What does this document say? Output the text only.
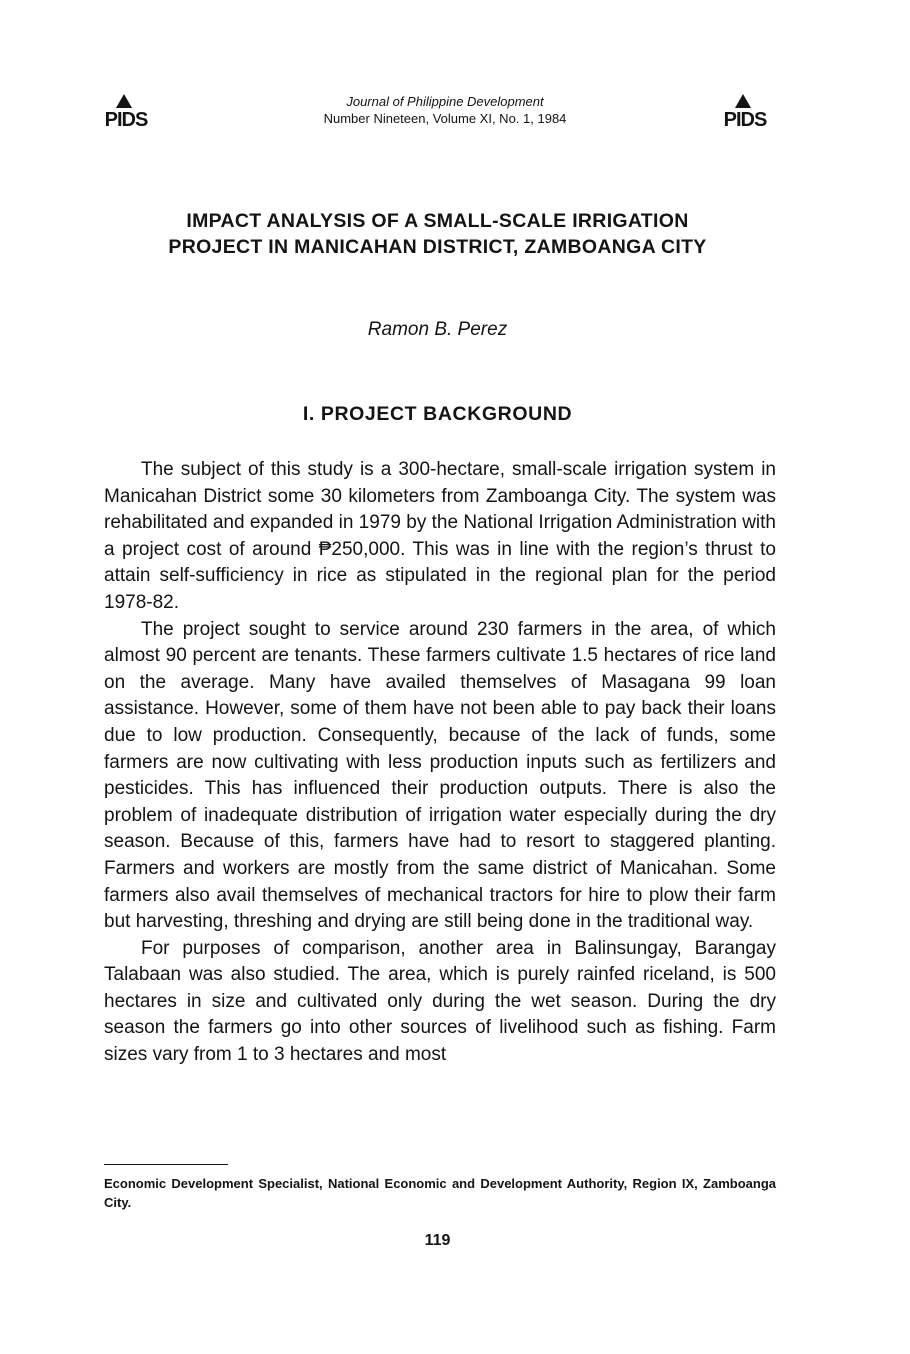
PIDS	PIDS
Journal of Philippine Development
Number Nineteen, Volume XI, No. 1, 1984
IMPACT ANALYSIS OF A SMALL-SCALE IRRIGATION
PROJECT IN MANICAHAN DISTRICT, ZAMBOANGA CITY
Ramon B. Perez
I. PROJECT BACKGROUND

The subject of this study is a 300-hectare, small-scale irrigation system in Manicahan District some 30 kilometers from Zamboanga City. The system was rehabilitated and expanded in 1979 by the National Irrigation Administration with a project cost of around ₱250,000. This was in line with the region’s thrust to attain self-sufficiency in rice as stipulated in the regional plan for the period 1978-82.

The project sought to service around 230 farmers in the area, of which almost 90 percent are tenants. These farmers cultivate 1.5 hectares of rice land on the average. Many have availed themselves of Masagana 99 loan assistance. However, some of them have not been able to pay back their loans due to low production. Consequently, because of the lack of funds, some farmers are now cultivating with less production inputs such as fertilizers and pesticides. This has influenced their production outputs. There is also the problem of inadequate distribution of irrigation water especially during the dry season. Because of this, farmers have had to resort to staggered planting. Farmers and workers are mostly from the same district of Manicahan. Some farmers also avail themselves of mechanical tractors for hire to plow their farm but harvesting, threshing and drying are still being done in the traditional way.

For purposes of comparison, another area in Balinsungay, Barangay Talabaan was also studied. The area, which is purely rainfed riceland, is 500 hectares in size and cultivated only during the wet season. During the dry season the farmers go into other sources of livelihood such as fishing. Farm sizes vary from 1 to 3 hectares and most

Economic Development Specialist, National Economic and Development Authority, Region IX, Zamboanga City.
119
